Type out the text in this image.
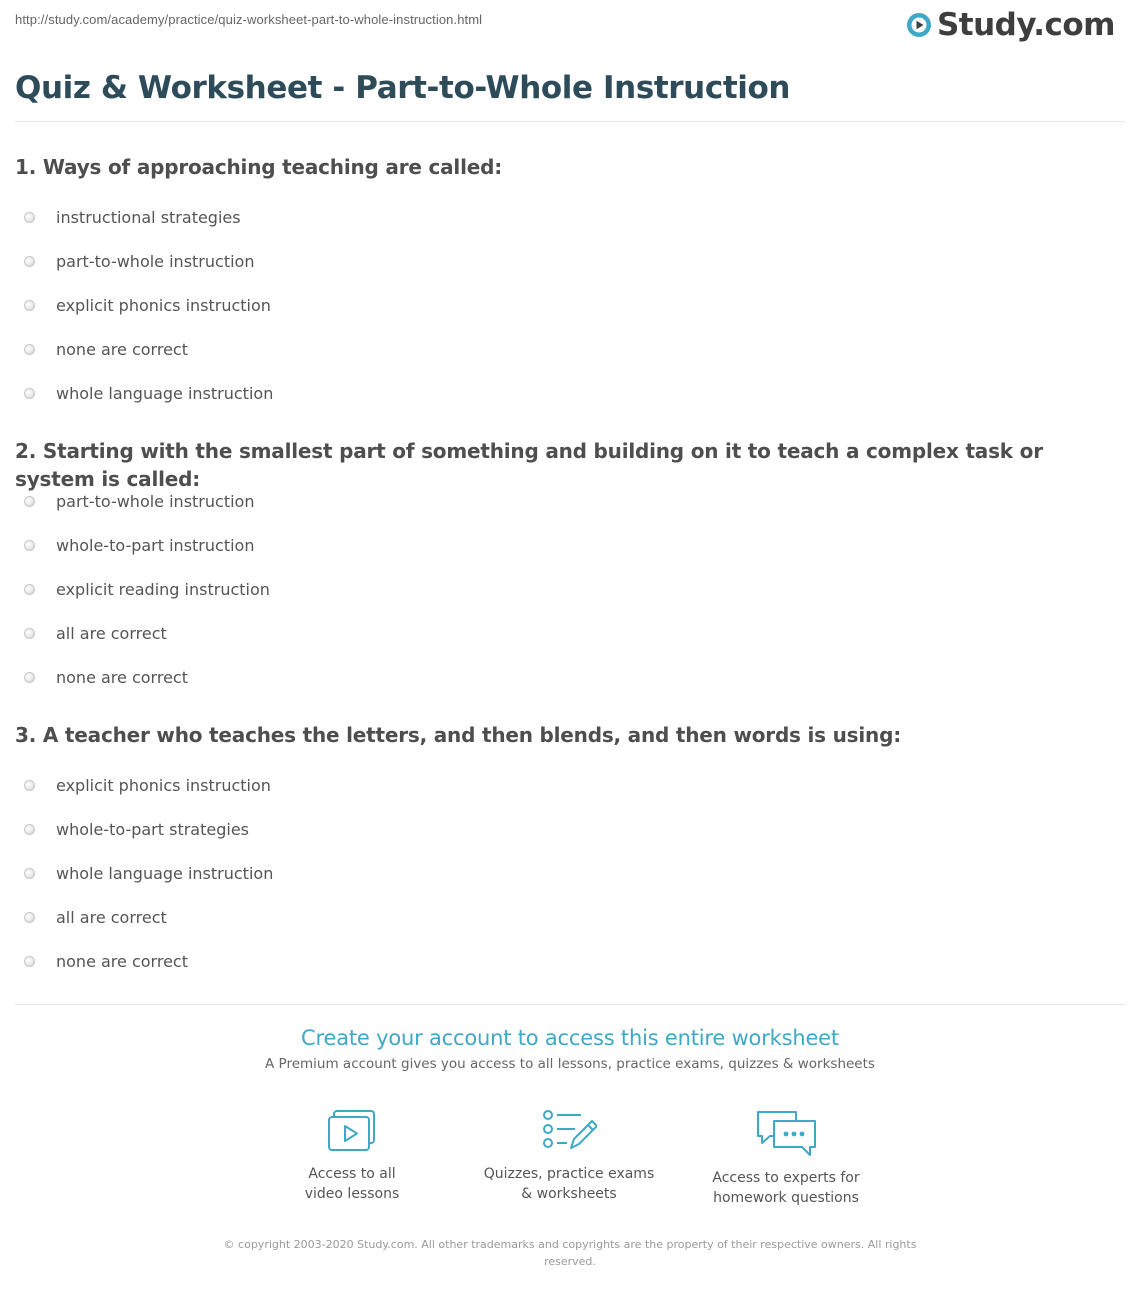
http://study.com/academy/practice/quiz-worksheet-part-to-whole-instruction.html	Study.com
Quiz & Worksheet - Part-to-Whole Instruction
1. Ways of approaching teaching are called:
instructional strategies
part-to-whole instruction
explicit phonics instruction
none are correct
whole language instruction
2. Starting with the smallest part of something and building on it to teach a complex task or system is called:
part-to-whole instruction
whole-to-part instruction
explicit reading instruction
all are correct
none are correct
3. A teacher who teaches the letters, and then blends, and then words is using:
explicit phonics instruction
whole-to-part strategies
whole language instruction
all are correct
none are correct
Create your account to access this entire worksheet

A Premium account gives you access to all lessons, practice exams, quizzes & worksheets

Access to all
video lessons
Quizzes, practice exams
& worksheets
Access to experts for
homework questions
© copyright 2003-2020 Study.com. All other trademarks and copyrights are the property of their respective owners. All rights reserved.
